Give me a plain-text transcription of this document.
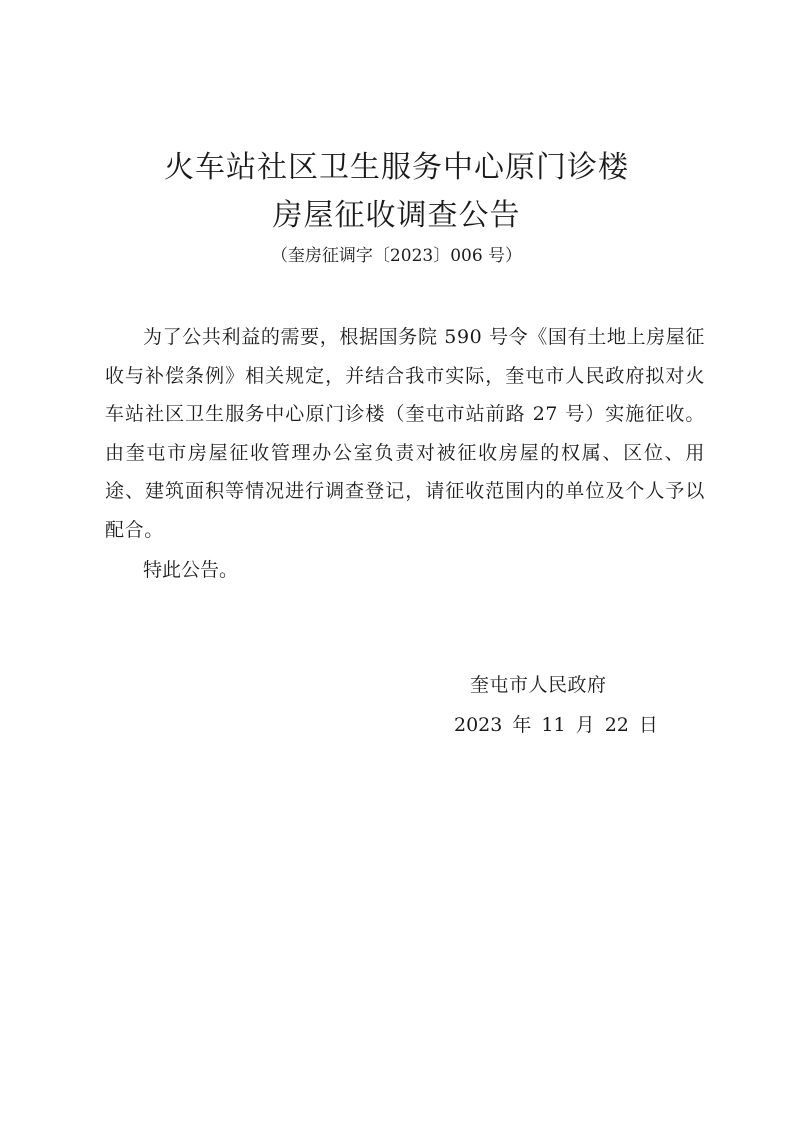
火车站社区卫生服务中心原门诊楼
房屋征收调查公告
（奎房征调字〔2023〕006 号）

为了公共利益的需要，根据国务院 590 号令《国有土地上房屋征收与补偿条例》相关规定，并结合我市实际，奎屯市人民政府拟对火车站社区卫生服务中心原门诊楼（奎屯市站前路 27 号）实施征收。由奎屯市房屋征收管理办公室负责对被征收房屋的权属、区位、用途、建筑面积等情况进行调查登记，请征收范围内的单位及个人予以配合。

特此公告。
奎屯市人民政府
2023 年 11 月 22 日
